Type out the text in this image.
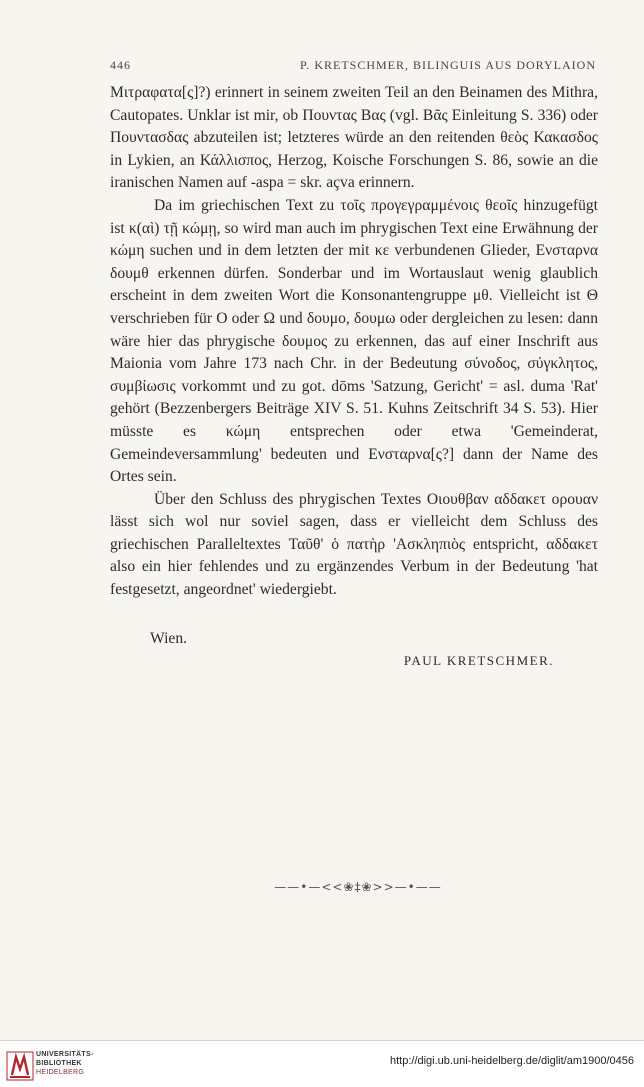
446	P. KRETSCHMER, BILINGUIS AUS DORYLAION

Μιτραφατα[ς]?) erinnert in seinem zweiten Teil an den Beinamen des Mithra, Cautopates. Unklar ist mir, ob Πουντας Βας (vgl. Βᾶς Einleitung S. 336) oder Πουντασδας abzuteilen ist; letzteres würde an den reitenden θεὸς Κακασδος in Lykien, an Κάλλισπος, Herzog, Koische Forschungen S. 86, sowie an die iranischen Namen auf -aspa = skr. açva erinnern.

Da im griechischen Text zu τοῖς προγεγραμμένοις θεοῖς hinzugefügt ist κ(αὶ) τῇ κώμῃ, so wird man auch im phrygischen Text eine Erwähnung der κώμη suchen und in dem letzten der mit κε verbundenen Glieder, Ενσταρνα δουμθ erkennen dürfen. Sonderbar und im Wortauslaut wenig glaublich erscheint in dem zweiten Wort die Konsonantengruppe μθ. Vielleicht ist Θ verschrieben für Ο oder Ω und δουμο, δουμω oder dergleichen zu lesen: dann wäre hier das phrygische δουμος zu erkennen, das auf einer Inschrift aus Maionia vom Jahre 173 nach Chr. in der Bedeutung σύνοδος, σύγκλητος, συμβίωσις vorkommt und zu got. dōms 'Satzung, Gericht' = asl. duma 'Rat' gehört (Bezzenbergers Beiträge XIV S. 51. Kuhns Zeitschrift 34 S. 53). Hier müsste es κώμη entsprechen oder etwa 'Gemeinderat, Gemeindeversammlung' bedeuten und Ενσταρνα[ς?] dann der Name des Ortes sein.

Über den Schluss des phrygischen Textes Οιουθβαν αδδακετ ορουαν lässt sich wol nur soviel sagen, dass er vielleicht dem Schluss des griechischen Paralleltextes Ταῦθ' ὁ πατὴρ 'Ασκληπιὸς entspricht, αδδακετ also ein hier fehlendes und zu ergänzendes Verbum in der Bedeutung 'hat festgesetzt, angeordnet' wiedergiebt.

Wien.
PAUL KRETSCHMER.
——•—<<❀‡❀>>—•——
UNIVERSITÄTS-
BIBLIOTHEK
HEIDELBERG
http://digi.ub.uni-heidelberg.de/diglit/am1900/0456
